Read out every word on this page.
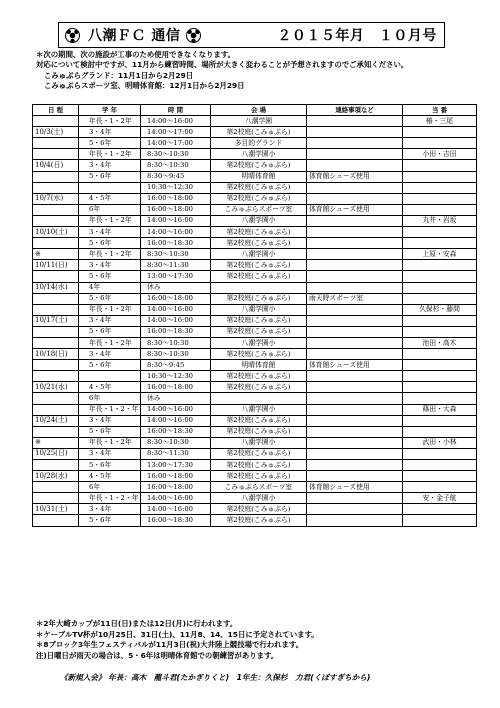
八潮ＦＣ 通信	２０１５年月　１０月号
＊次の期間、次の施設が工事のため使用できなくなります。
対応について検討中ですが、11月から練習時間、場所が大きく変わることが予想されますのでご承知ください。
こみゅぷらグランド：11月1日から2月29日
こみゅぷらスポーツ室、明晴体育館：12月1日から2月29日
日 程	学 年	時 間	会 場	連絡事項など	当 番
	年長・1・2年	14:00～16:00	八潮学園		椿・三尾
10/3(土)	3・4年	14:00～17:00	第2校庭(こみゅぷら)		
	5・6年	14:00～17:00	多目的グランド		
	年長・1・2年	8:30～10:30	八潮学園小		小田・吉田
10/4(日)	3・4年	8:30～10:30	第2校庭(こみゅぷら)		
	5・6年	8:30～9:45	明晴体育館	体育館シューズ使用	
		10:30～12:30	第2校庭(こみゅぷら)		
10/7(水)	4・5年	16:00～18:00	第2校庭(こみゅぷら)		
	6年	16:00～18:00	こみゅぷらスポーツ室	体育館シューズ使用	
	年長・1・2年	14:00～16:00	八潮学園小		丸井・岩坂
10/10(土)	3・4年	14:00～16:00	第2校庭(こみゅぷら)		
	5・6年	16:00～18:30	第2校庭(こみゅぷら)		
※	年長・1・2年	8:30～10:30	八潮学園小		上原・安森
10/11(日)	3・4年	8:30～11:30	第2校庭(こみゅぷら)		
	5・6年	13:00～17:30	第2校庭(こみゅぷら)		
10/14(水)	4年	休み			
	5・6年	16:00～18:00	第2校庭(こみゅぷら)	雨天時スポーツ室	
	年長・1・2年	14:00～16:00	八潮学園小		久保杉・藤間
10/17(土)	3・4年	14:00～16:00	第2校庭(こみゅぷら)		
	5・6年	16:00～18:30	第2校庭(こみゅぷら)		
	年長・1・2年	8:30～10:30	八潮学園小		池田・高木
10/18(日)	3・4年	8:30～10:30	第2校庭(こみゅぷら)		
	5・6年	8:30～9:45	明晴体育館	体育館シューズ使用	
		10:30～12:30	第2校庭(こみゅぷら)		
10/21(水)	4・5年	16:00～18:00	第2校庭(こみゅぷら)		
	6年	休み			
	年長・1・2・年	14:00～16:00	八潮学園小		篠田・大森
10/24(土)	3・4年	14:00～16:00	第2校庭(こみゅぷら)		
	5・6年	16:00～18:30	第2校庭(こみゅぷら)		
※	年長・1・2年	8:30～10:30	八潮学園小		武田・小林
10/25(日)	3・4年	8:30～11:30	第2校庭(こみゅぷら)		
	5・6年	13:00～17:30	第2校庭(こみゅぷら)		
10/28(水)	4・5年	16:00～18:00	第2校庭(こみゅぷら)		
	6年	16:00～18:00	こみゅぷらスポーツ室	体育館シューズ使用	
	年長・1・2・年	14:00～16:00	八潮学園小		安・金子航
10/31(土)	3・4年	14:00～16:00	第2校庭(こみゅぷら)		
	5・6年	16:00～18:30	第2校庭(こみゅぷら)		
＊2年大崎カップが11日(日)または12日(月)に行われます。
＊ケーブルTV杯が10月25日、31日(土)、11月8、14、15日に予定されています。
＊8ブロック3年生フェスティバルが11月3日(祝)大井陸上競技場で行われます。
注)日曜日が雨天の場合は、5・6年は明晴体育館での朝練習があります。
《新規入会》 年長：高木　龍斗君(たかぎりくと)　1年生：久保杉　力君(くぼすぎちから)
